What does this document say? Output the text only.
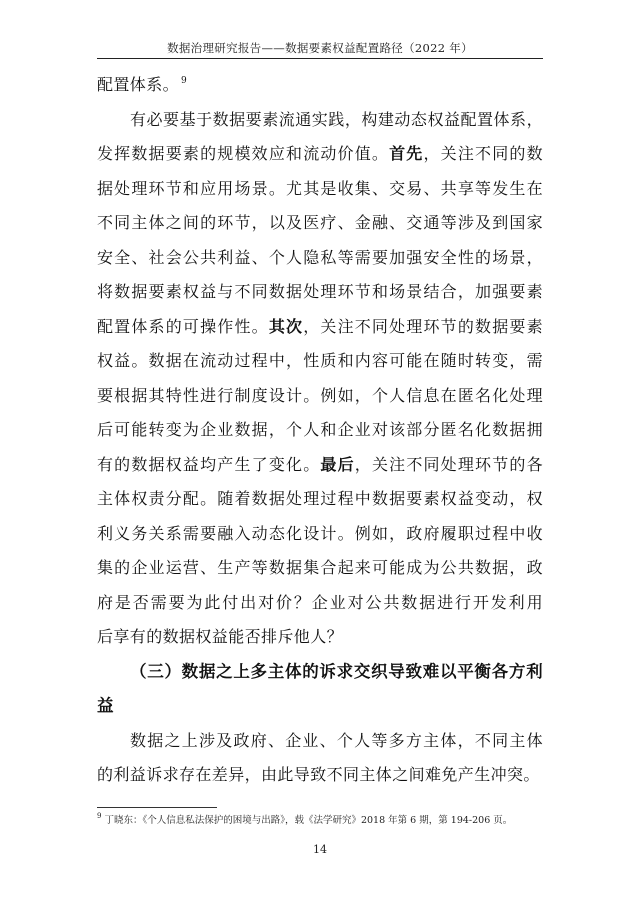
数据治理研究报告——数据要素权益配置路径（2022 年）
配置体系。 $^9$
有必要基于数据要素流通实践，构建动态权益配置体系，
发挥数据要素的规模效应和流动价值。首先，关注不同的数
据处理环节和应用场景。尤其是收集、交易、共享等发生在
不同主体之间的环节，以及医疗、金融、交通等涉及到国家
安全、社会公共利益、个人隐私等需要加强安全性的场景，
将数据要素权益与不同数据处理环节和场景结合，加强要素
配置体系的可操作性。其次，关注不同处理环节的数据要素
权益。数据在流动过程中，性质和内容可能在随时转变，需
要根据其特性进行制度设计。例如，个人信息在匿名化处理
后可能转变为企业数据，个人和企业对该部分匿名化数据拥
有的数据权益均产生了变化。最后，关注不同处理环节的各
主体权责分配。随着数据处理过程中数据要素权益变动，权
利义务关系需要融入动态化设计。例如，政府履职过程中收
集的企业运营、生产等数据集合起来可能成为公共数据，政
府是否需要为此付出对价？企业对公共数据进行开发利用
后享有的数据权益能否排斥他人？
（三）数据之上多主体的诉求交织导致难以平衡各方利
益
数据之上涉及政府、企业、个人等多方主体，不同主体
的利益诉求存在差异，由此导致不同主体之间难免产生冲突。
$^9$ 丁晓东：《个人信息私法保护的困境与出路》，载《法学研究》2018 年第 6 期，第 194-206 页。
14
